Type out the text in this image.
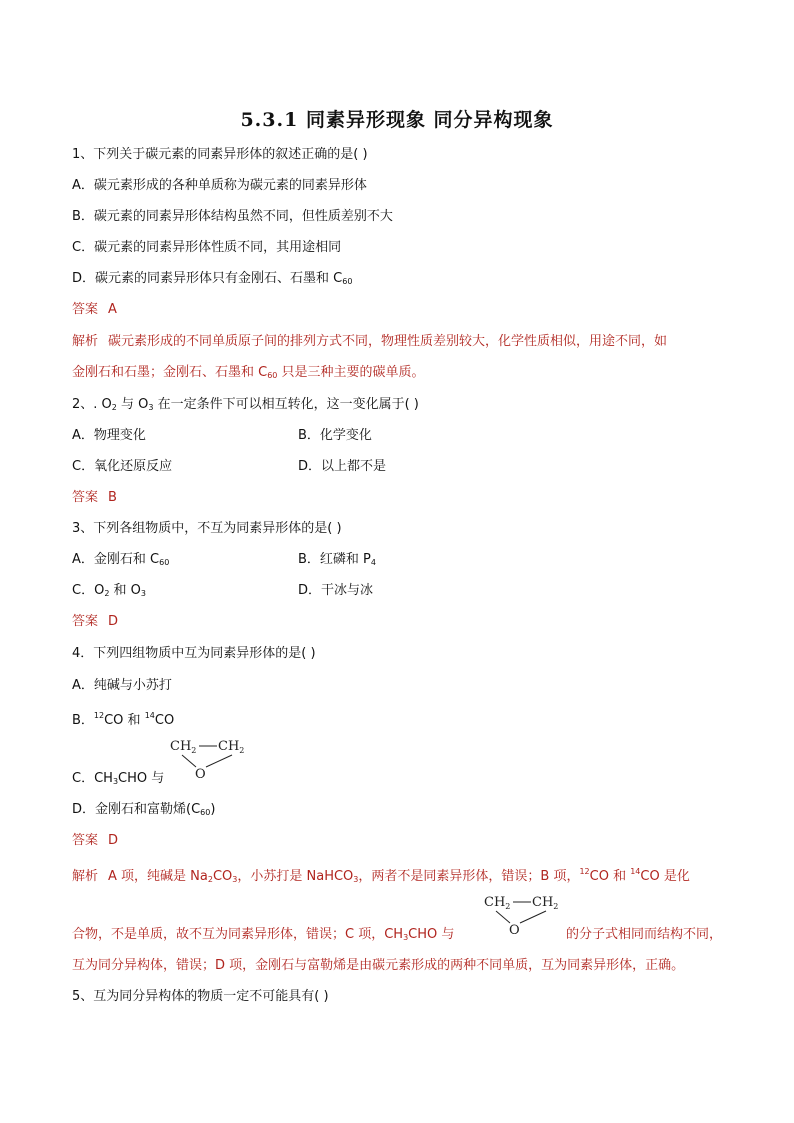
5.3.1 同素异形现象 同分异构现象
1、下列关于碳元素的同素异形体的叙述正确的是( )
A．碳元素形成的各种单质称为碳元素的同素异形体
B．碳元素的同素异形体结构虽然不同，但性质差别不大
C．碳元素的同素异形体性质不同，其用途相同
D．碳元素的同素异形体只有金刚石、石墨和 $C_{60}$
答案 A
解析 碳元素形成的不同单质原子间的排列方式不同，物理性质差别较大，化学性质相似，用途不同，如
金刚石和石墨；金刚石、石墨和 $C_{60}$ 只是三种主要的碳单质。
2、. $O_2$ 与 $O_3$ 在一定条件下可以相互转化，这一变化属于( )
A．物理变化	B．化学变化
C．氧化还原反应	D．以上都不是
答案 B
3、下列各组物质中，不互为同素异形体的是( )
A．金刚石和 $C_{60}$	B．红磷和 $P_4$
C．$O_2$ 和 $O_3$	D．干冰与冰
答案 D
4．下列四组物质中互为同素异形体的是( )
A．纯碱与小苏打
B．$^{12}$CO 和 $^{14}$CO
$CH_2$ $CH_2$
O
C．$CH_3CHO$ 与
D．金刚石和富勒烯$(C_{60})$
答案 D
解析 A 项，纯碱是 $Na_2CO_3$，小苏打是 NaHCO$_3$，两者不是同素异形体，错误；B 项，$^{12}$CO 和 $^{14}$CO 是化
$CH_2$ $CH_2$
O
合物，不是单质，故不互为同素异形体，错误；C 项，$CH_3CHO$ 与	的分子式相同而结构不同，
互为同分异构体，错误；D 项，金刚石与富勒烯是由碳元素形成的两种不同单质，互为同素异形体，正确。
5、互为同分异构体的物质一定不可能具有( )
